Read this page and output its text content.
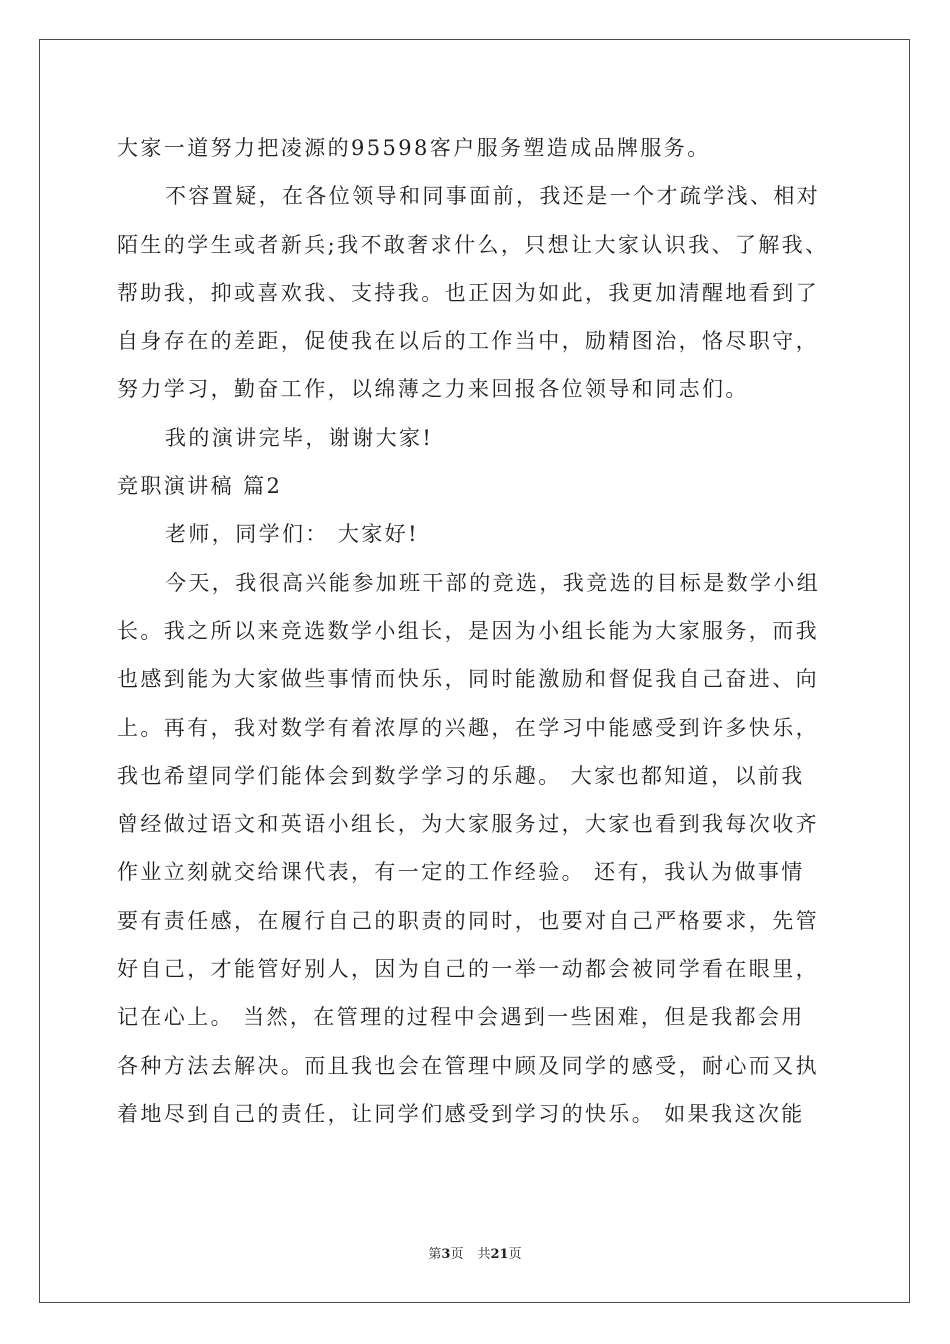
大家一道努力把凌源的95598客户服务塑造成品牌服务。
不容置疑，在各位领导和同事面前，我还是一个才疏学浅、相对
陌生的学生或者新兵;我不敢奢求什么，只想让大家认识我、了解我、
帮助我，抑或喜欢我、支持我。也正因为如此，我更加清醒地看到了
自身存在的差距，促使我在以后的工作当中，励精图治，恪尽职守，
努力学习，勤奋工作，以绵薄之力来回报各位领导和同志们。
我的演讲完毕，谢谢大家!
竞职演讲稿 篇2
老师，同学们： 大家好!
今天，我很高兴能参加班干部的竞选，我竞选的目标是数学小组
长。我之所以来竞选数学小组长，是因为小组长能为大家服务，而我
也感到能为大家做些事情而快乐，同时能激励和督促我自己奋进、向
上。再有，我对数学有着浓厚的兴趣，在学习中能感受到许多快乐，
我也希望同学们能体会到数学学习的乐趣。 大家也都知道，以前我
曾经做过语文和英语小组长，为大家服务过，大家也看到我每次收齐
作业立刻就交给课代表，有一定的工作经验。 还有，我认为做事情
要有责任感，在履行自己的职责的同时，也要对自己严格要求，先管
好自己，才能管好别人，因为自己的一举一动都会被同学看在眼里，
记在心上。 当然，在管理的过程中会遇到一些困难，但是我都会用
各种方法去解决。而且我也会在管理中顾及同学的感受，耐心而又执
着地尽到自己的责任，让同学们感受到学习的快乐。 如果我这次能
第3页 共21页
